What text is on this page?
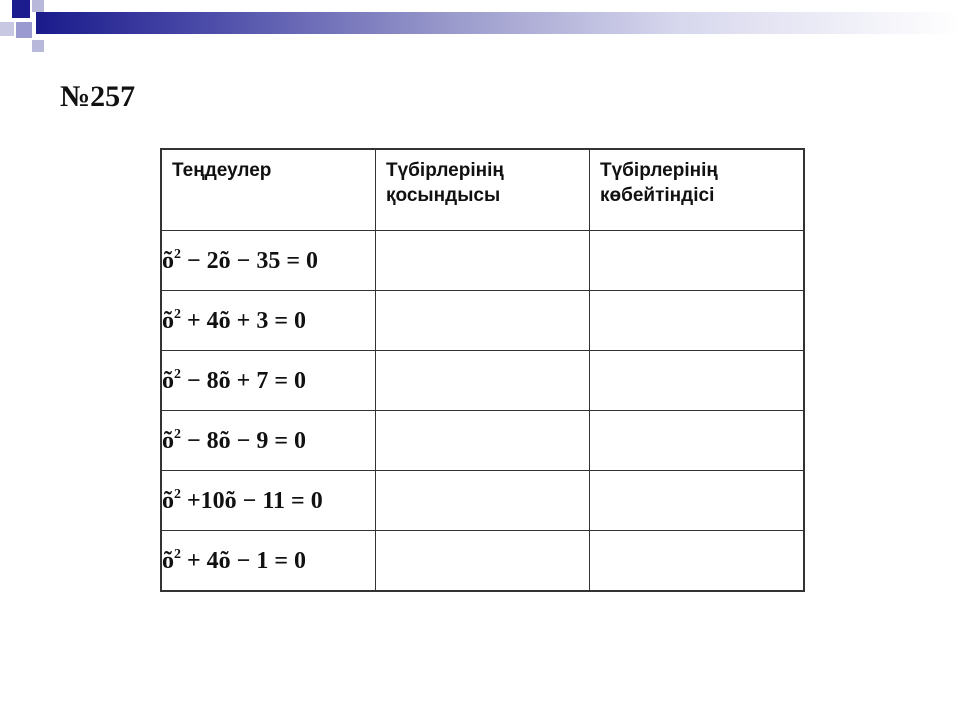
№257
Теңдеулер	Түбірлерінің қосындысы	Түбірлерінің көбейтіндісі
$õ^2$ − 2õ − 35 = 0		
$õ^2$ + 4õ + 3 = 0		
$õ^2$ − 8õ + 7 = 0		
$õ^2$ − 8õ − 9 = 0		
$õ^2$ +10õ − 11 = 0		
$õ^2$ + 4õ − 1 = 0		
